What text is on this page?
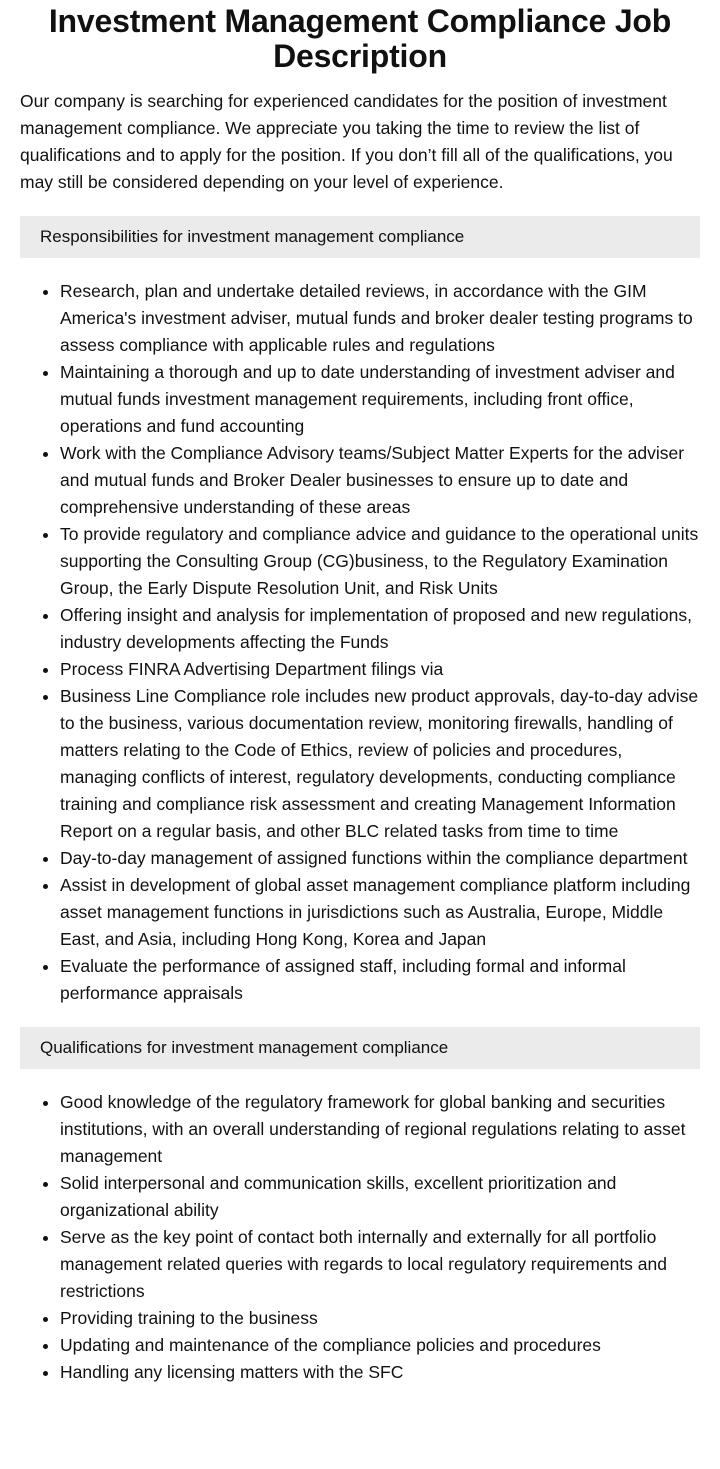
Investment Management Compliance Job Description

Our company is searching for experienced candidates for the position of investment management compliance. We appreciate you taking the time to review the list of qualifications and to apply for the position. If you don’t fill all of the qualifications, you may still be considered depending on your level of experience.

Responsibilities for investment management compliance
• Research, plan and undertake detailed reviews, in accordance with the GIM America's investment adviser, mutual funds and broker dealer testing programs to assess compliance with applicable rules and regulations
• Maintaining a thorough and up to date understanding of investment adviser and mutual funds investment management requirements, including front office, operations and fund accounting
• Work with the Compliance Advisory teams/Subject Matter Experts for the adviser and mutual funds and Broker Dealer businesses to ensure up to date and comprehensive understanding of these areas
• To provide regulatory and compliance advice and guidance to the operational units supporting the Consulting Group (CG)business, to the Regulatory Examination Group, the Early Dispute Resolution Unit, and Risk Units
• Offering insight and analysis for implementation of proposed and new regulations, industry developments affecting the Funds
• Process FINRA Advertising Department filings via
• Business Line Compliance role includes new product approvals, day-to-day advise to the business, various documentation review, monitoring firewalls, handling of matters relating to the Code of Ethics, review of policies and procedures, managing conflicts of interest, regulatory developments, conducting compliance training and compliance risk assessment and creating Management Information Report on a regular basis, and other BLC related tasks from time to time
• Day-to-day management of assigned functions within the compliance department
• Assist in development of global asset management compliance platform including asset management functions in jurisdictions such as Australia, Europe, Middle East, and Asia, including Hong Kong, Korea and Japan
• Evaluate the performance of assigned staff, including formal and informal performance appraisals
Qualifications for investment management compliance
• Good knowledge of the regulatory framework for global banking and securities institutions, with an overall understanding of regional regulations relating to asset management
• Solid interpersonal and communication skills, excellent prioritization and organizational ability
• Serve as the key point of contact both internally and externally for all portfolio management related queries with regards to local regulatory requirements and restrictions
• Providing training to the business
• Updating and maintenance of the compliance policies and procedures
• Handling any licensing matters with the SFC
